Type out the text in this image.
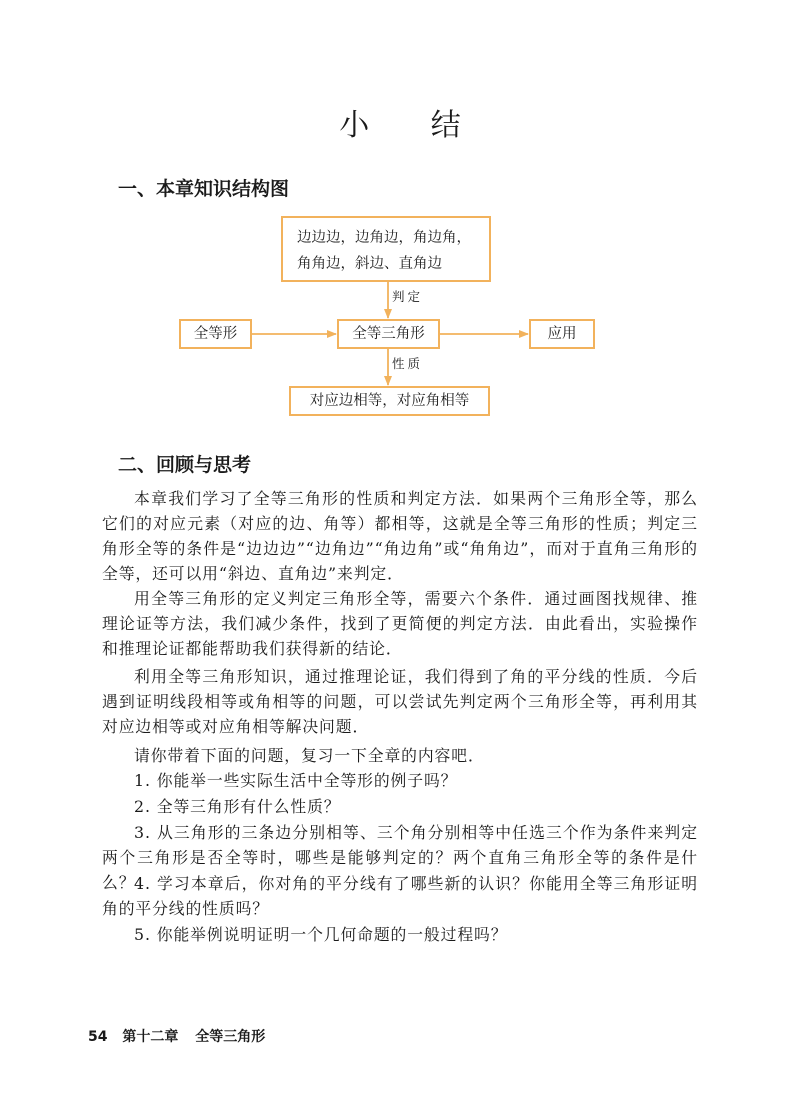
小 结
一、本章知识结构图
边边边，边角边，角边角，
角角边，斜边、直角边
判定
全等形	全等三角形	应用
性质
对应边相等，对应角相等
二、回顾与思考

本章我们学习了全等三角形的性质和判定方法．如果两个三角形全等，那么它们的对应元素（对应的边、角等）都相等，这就是全等三角形的性质；判定三角形全等的条件是“边边边”“边角边”“角边角”或“角角边”，而对于直角三角形的全等，还可以用“斜边、直角边”来判定．

用全等三角形的定义判定三角形全等，需要六个条件．通过画图找规律、推理论证等方法，我们减少条件，找到了更简便的判定方法．由此看出，实验操作和推理论证都能帮助我们获得新的结论．

利用全等三角形知识，通过推理论证，我们得到了角的平分线的性质．今后遇到证明线段相等或角相等的问题，可以尝试先判定两个三角形全等，再利用其对应边相等或对应角相等解决问题．

请你带着下面的问题，复习一下全章的内容吧．

1. 你能举一些实际生活中全等形的例子吗？

2. 全等三角形有什么性质？

3. 从三角形的三条边分别相等、三个角分别相等中任选三个作为条件来判定两个三角形是否全等时，哪些是能够判定的？两个直角三角形全等的条件是什么？

4. 学习本章后，你对角的平分线有了哪些新的认识？你能用全等三角形证明角的平分线的性质吗？

5. 你能举例说明证明一个几何命题的一般过程吗？

54 第十二章 全等三角形
